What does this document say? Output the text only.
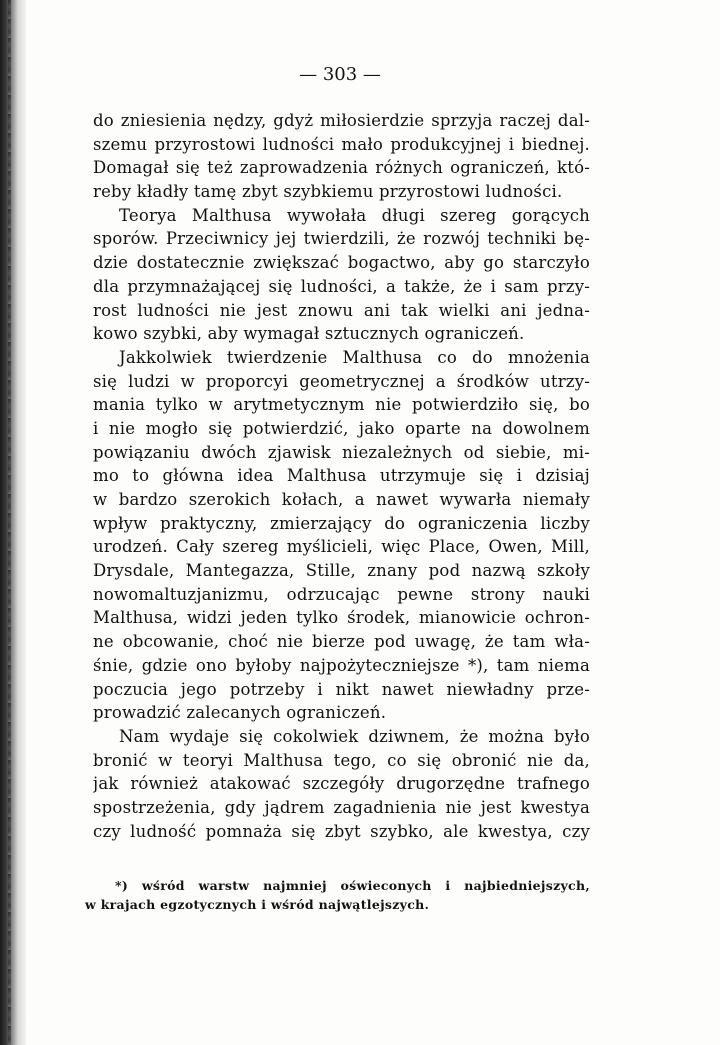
— 303 —
do zniesienia nędzy, gdyż miłosierdzie sprzyja raczej dal-
szemu przyrostowi ludności mało produkcyjnej i biednej.
Domagał się też zaprowadzenia różnych ograniczeń, któ-
reby kładły tamę zbyt szybkiemu przyrostowi ludności.
Teorya Malthusa wywołała długi szereg gorących
sporów. Przeciwnicy jej twierdzili, że rozwój techniki bę-
dzie dostatecznie zwiększać bogactwo, aby go starczyło
dla przymnażającej się ludności, a także, że i sam przy-
rost ludności nie jest znowu ani tak wielki ani jedna-
kowo szybki, aby wymagał sztucznych ograniczeń.
Jakkolwiek twierdzenie Malthusa co do mnożenia
się ludzi w proporcyi geometrycznej a środków utrzy-
mania tylko w arytmetycznym nie potwierdziło się, bo
i nie mogło się potwierdzić, jako oparte na dowolnem
powiązaniu dwóch zjawisk niezależnych od siebie, mi-
mo to główna idea Malthusa utrzymuje się i dzisiaj
w bardzo szerokich kołach, a nawet wywarła niemały
wpływ praktyczny, zmierzający do ograniczenia liczby
urodzeń. Cały szereg myślicieli, więc Place, Owen, Mill,
Drysdale, Mantegazza, Stille, znany pod nazwą szkoły
nowomaltuzjanizmu, odrzucając pewne strony nauki
Malthusa, widzi jeden tylko środek, mianowicie ochron-
ne obcowanie, choć nie bierze pod uwagę, że tam wła-
śnie, gdzie ono byłoby najpożyteczniejsze *), tam niema
poczucia jego potrzeby i nikt nawet niewładny prze-
prowadzić zalecanych ograniczeń.
Nam wydaje się cokolwiek dziwnem, że można było
bronić w teoryi Malthusa tego, co się obronić nie da,
jak również atakować szczegóły drugorzędne trafnego
spostrzeżenia, gdy jądrem zagadnienia nie jest kwestya
czy ludność pomnaża się zbyt szybko, ale kwestya, czy
*) wśród warstw najmniej oświeconych i najbiedniejszych,
w krajach egzotycznych i wśród najwątlejszych.
